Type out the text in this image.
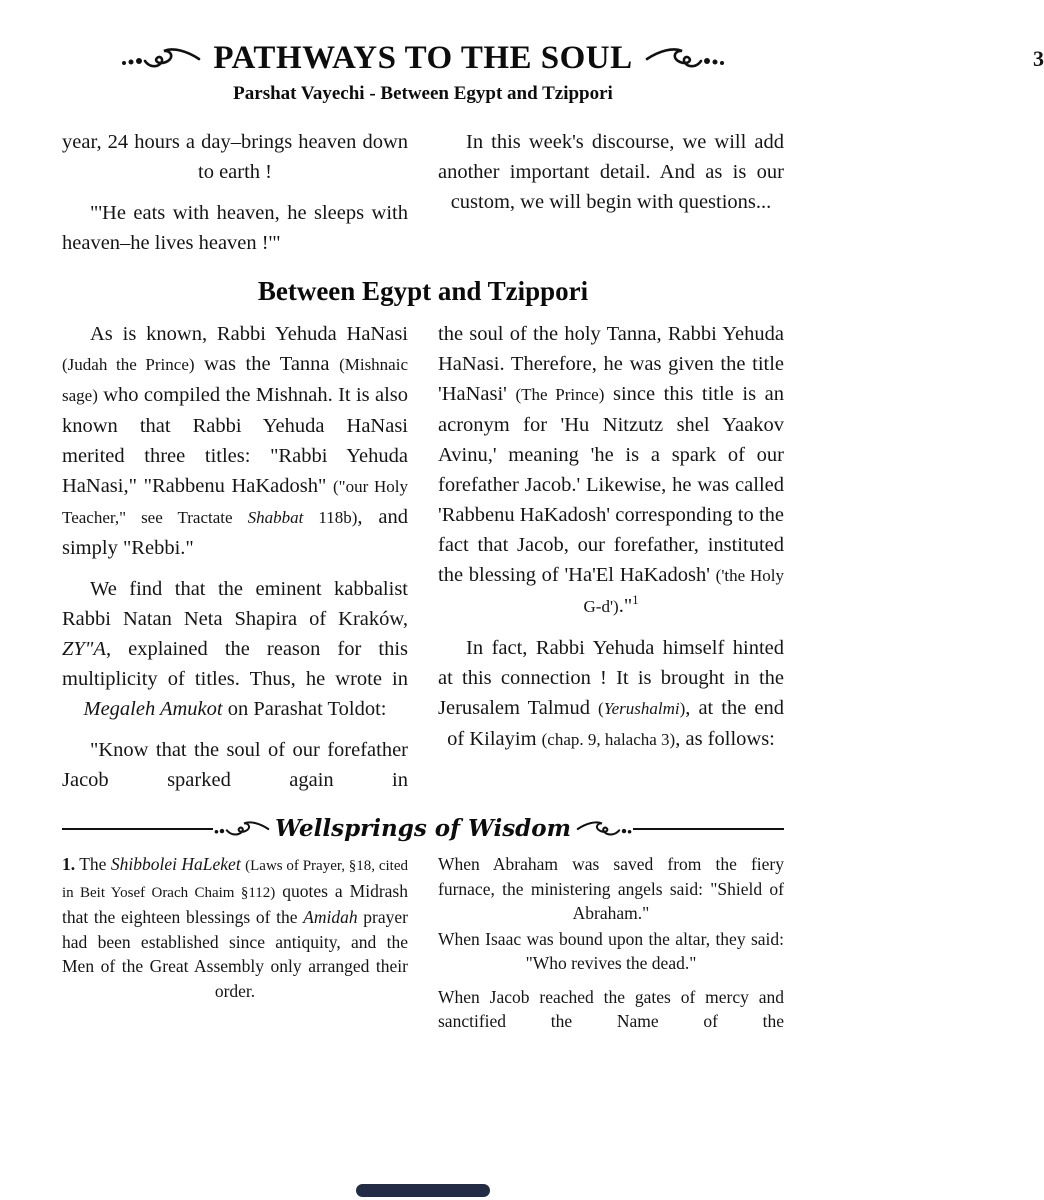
PATHWAYS TO THE SOUL	3
Parshat Vayechi - Between Egypt and Tzippori

year, 24 hours a day–brings heaven down to earth !

"'He eats with heaven, he sleeps with heaven–he lives heaven !'"

In this week's discourse, we will add another important detail. And as is our custom, we will begin with questions...

Between Egypt and Tzippori

As is known, Rabbi Yehuda HaNasi (Judah the Prince) was the Tanna (Mishnaic sage) who compiled the Mishnah. It is also known that Rabbi Yehuda HaNasi merited three titles: "Rabbi Yehuda HaNasi," "Rabbenu HaKadosh" ("our Holy Teacher," see Tractate Shabbat 118b), and simply "Rebbi."

We find that the eminent kabbalist Rabbi Natan Neta Shapira of Kraków, ZY"A, explained the reason for this multiplicity of titles. Thus, he wrote in Megaleh Amukot on Parashat Toldot:

"Know that the soul of our forefather Jacob sparked again in

the soul of the holy Tanna, Rabbi Yehuda HaNasi. Therefore, he was given the title 'HaNasi' (The Prince) since this title is an acronym for 'Hu Nitzutz shel Yaakov Avinu,' meaning 'he is a spark of our forefather Jacob.' Likewise, he was called 'Rabbenu HaKadosh' corresponding to the fact that Jacob, our forefather, instituted the blessing of 'Ha'El HaKadosh' ('the Holy G-d')."$^1$

In fact, Rabbi Yehuda himself hinted at this connection ! It is brought in the Jerusalem Talmud (Yerushalmi), at the end of Kilayim (chap. 9, halacha 3), as follows:

Wellsprings of Wisdom

1. The Shibbolei HaLeket (Laws of Prayer, §18, cited in Beit Yosef Orach Chaim §112) quotes a Midrash that the eighteen blessings of the Amidah prayer had been established since antiquity, and the Men of the Great Assembly only arranged their order.

When Abraham was saved from the fiery furnace, the ministering angels said: "Shield of Abraham."

When Isaac was bound upon the altar, they said: "Who revives the dead."

When Jacob reached the gates of mercy and sanctified the Name of the
